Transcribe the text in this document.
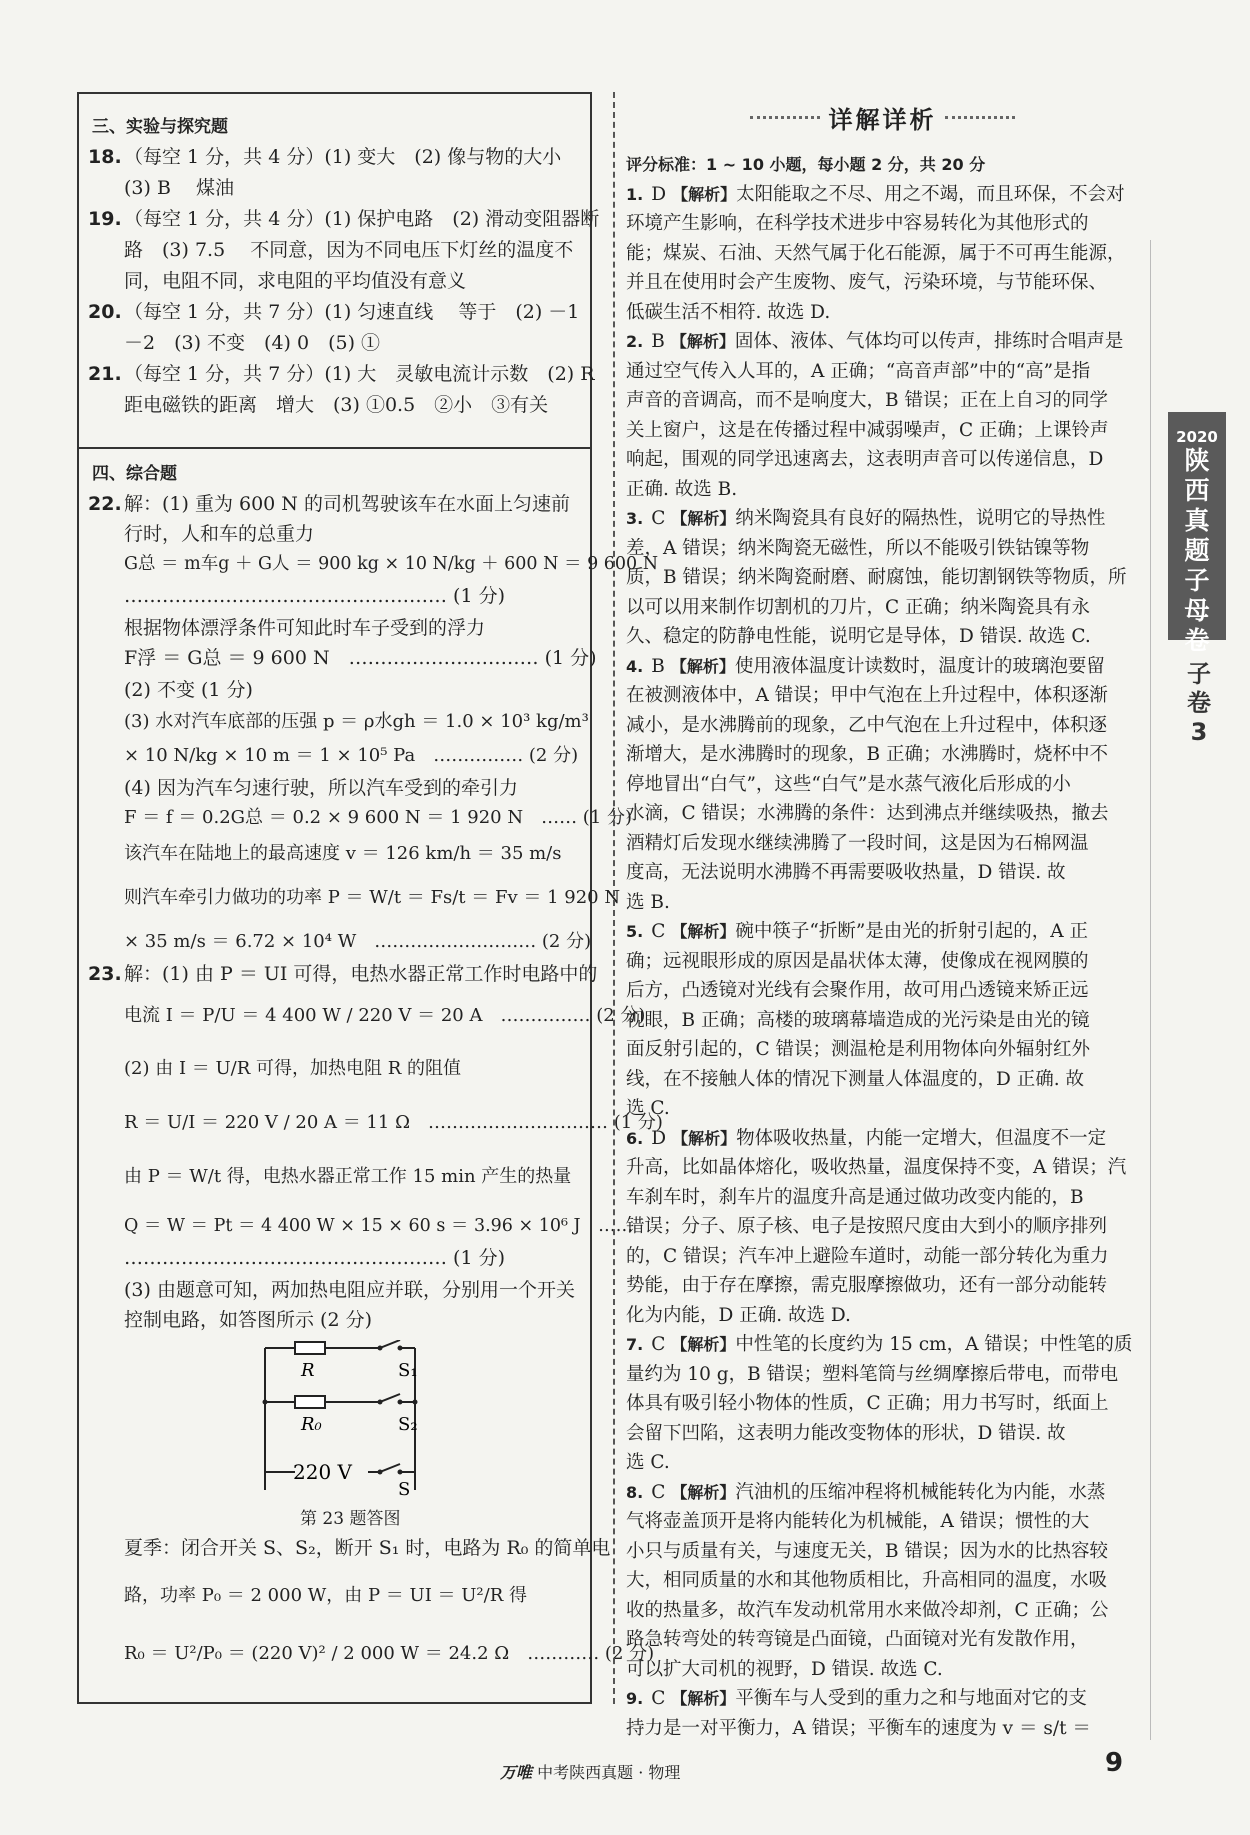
三、实验与探究题
18. （每空 1 分，共 4 分）(1) 变大　(2) 像与物的大小
(3) B　 煤油
19. （每空 1 分，共 4 分）(1) 保护电路　(2) 滑动变阻器断
路　(3) 7.5　 不同意，因为不同电压下灯丝的温度不
同，电阻不同，求电阻的平均值没有意义
20. （每空 1 分，共 7 分）(1) 匀速直线　 等于　(2) －1
－2　(3) 不变　(4) 0　(5) ①
21. （每空 1 分，共 7 分）(1) 大　灵敏电流计示数　(2) R
距电磁铁的距离　增大　(3) ①0.5　②小　③有关
四、综合题
22. 解：(1) 重为 600 N 的司机驾驶该车在水面上匀速前
行时，人和车的总重力
G总 ＝ m车g ＋ G人 ＝ 900 kg × 10 N/kg ＋ 600 N ＝ 9 600 N
…………………………………………… (1 分)
根据物体漂浮条件可知此时车子受到的浮力
F浮 ＝ G总 ＝ 9 600 N　………………………… (1 分)
(2) 不变 (1 分)
(3) 水对汽车底部的压强 p ＝ ρ水gh ＝ 1.0 × 10³ kg/m³
× 10 N/kg × 10 m ＝ 1 × 10⁵ Pa　…………… (2 分)
(4) 因为汽车匀速行驶，所以汽车受到的牵引力
F ＝ f ＝ 0.2G总 ＝ 0.2 × 9 600 N ＝ 1 920 N　…… (1 分)
该汽车在陆地上的最高速度 v ＝ 126 km/h ＝ 35 m/s
则汽车牵引力做功的功率 P ＝ W/t ＝ Fs/t ＝ Fv ＝ 1 920 N
× 35 m/s ＝ 6.72 × 10⁴ W　……………………… (2 分)
23. 解：(1) 由 P ＝ UI 可得，电热水器正常工作时电路中的
电流 I ＝ P/U ＝ 4 400 W / 220 V ＝ 20 A　…………… (2 分)
(2) 由 I ＝ U/R 可得，加热电阻 R 的阻值
R ＝ U/I ＝ 220 V / 20 A ＝ 11 Ω　………………………… (1 分)
由 P ＝ W/t 得，电热水器正常工作 15 min 产生的热量
Q ＝ W ＝ Pt ＝ 4 400 W × 15 × 60 s ＝ 3.96 × 10⁶ J　……
…………………………………………… (1 分)
(3) 由题意可知，两加热电阻应并联，分别用一个开关
控制电路，如答图所示 (2 分)
R
R₀
S₁
S₂
S
220 V
第 23 题答图
夏季：闭合开关 S、S₂，断开 S₁ 时，电路为 R₀ 的简单电
路，功率 P₀ ＝ 2 000 W，由 P ＝ UI ＝ U²/R 得
R₀ ＝ U²/P₀ ＝ (220 V)² / 2 000 W ＝ 24.2 Ω　………… (2 分)
详解详析

评分标准：1 ~ 10 小题，每小题 2 分，共 20 分

1. D 【解析】太阳能取之不尽、用之不竭，而且环保，不会对

环境产生影响，在科学技术进步中容易转化为其他形式的

能；煤炭、石油、天然气属于化石能源，属于不可再生能源，

并且在使用时会产生废物、废气，污染环境，与节能环保、

低碳生活不相符. 故选 D.

2. B 【解析】固体、液体、气体均可以传声，排练时合唱声是

通过空气传入人耳的，A 正确；“高音声部”中的“高”是指

声音的音调高，而不是响度大，B 错误；正在上自习的同学

关上窗户，这是在传播过程中减弱噪声，C 正确；上课铃声

响起，围观的同学迅速离去，这表明声音可以传递信息，D

正确. 故选 B.

3. C 【解析】纳米陶瓷具有良好的隔热性，说明它的导热性

差，A 错误；纳米陶瓷无磁性，所以不能吸引铁钴镍等物

质，B 错误；纳米陶瓷耐磨、耐腐蚀，能切割钢铁等物质，所

以可以用来制作切割机的刀片，C 正确；纳米陶瓷具有永

久、稳定的防静电性能，说明它是导体，D 错误. 故选 C.

4. B 【解析】使用液体温度计读数时，温度计的玻璃泡要留

在被测液体中，A 错误；甲中气泡在上升过程中，体积逐渐

减小，是水沸腾前的现象，乙中气泡在上升过程中，体积逐

渐增大，是水沸腾时的现象，B 正确；水沸腾时，烧杯中不

停地冒出“白气”，这些“白气”是水蒸气液化后形成的小

水滴，C 错误；水沸腾的条件：达到沸点并继续吸热，撤去

酒精灯后发现水继续沸腾了一段时间，这是因为石棉网温

度高，无法说明水沸腾不再需要吸收热量，D 错误. 故

选 B.

5. C 【解析】碗中筷子“折断”是由光的折射引起的，A 正

确；远视眼形成的原因是晶状体太薄，使像成在视网膜的

后方，凸透镜对光线有会聚作用，故可用凸透镜来矫正远

视眼，B 正确；高楼的玻璃幕墙造成的光污染是由光的镜

面反射引起的，C 错误；测温枪是利用物体向外辐射红外

线，在不接触人体的情况下测量人体温度的，D 正确. 故

选 C.

6. D 【解析】物体吸收热量，内能一定增大，但温度不一定

升高，比如晶体熔化，吸收热量，温度保持不变，A 错误；汽

车刹车时，刹车片的温度升高是通过做功改变内能的，B

错误；分子、原子核、电子是按照尺度由大到小的顺序排列

的，C 错误；汽车冲上避险车道时，动能一部分转化为重力

势能，由于存在摩擦，需克服摩擦做功，还有一部分动能转

化为内能，D 正确. 故选 D.

7. C 【解析】中性笔的长度约为 15 cm，A 错误；中性笔的质

量约为 10 g，B 错误；塑料笔筒与丝绸摩擦后带电，而带电

体具有吸引轻小物体的性质，C 正确；用力书写时，纸面上

会留下凹陷，这表明力能改变物体的形状，D 错误. 故

选 C.

8. C 【解析】汽油机的压缩冲程将机械能转化为内能，水蒸

气将壶盖顶开是将内能转化为机械能，A 错误；惯性的大

小只与质量有关，与速度无关，B 错误；因为水的比热容较

大，相同质量的水和其他物质相比，升高相同的温度，水吸

收的热量多，故汽车发动机常用水来做冷却剂，C 正确；公

路急转弯处的转弯镜是凸面镜，凸面镜对光有发散作用，

可以扩大司机的视野，D 错误. 故选 C.

9. C 【解析】平衡车与人受到的重力之和与地面对它的支

持力是一对平衡力，A 错误；平衡车的速度为 v ＝ s/t ＝

2020
陕
西
真
题
子
母
卷
子
卷
3
万唯 中考陕西真题 · 物理	9
